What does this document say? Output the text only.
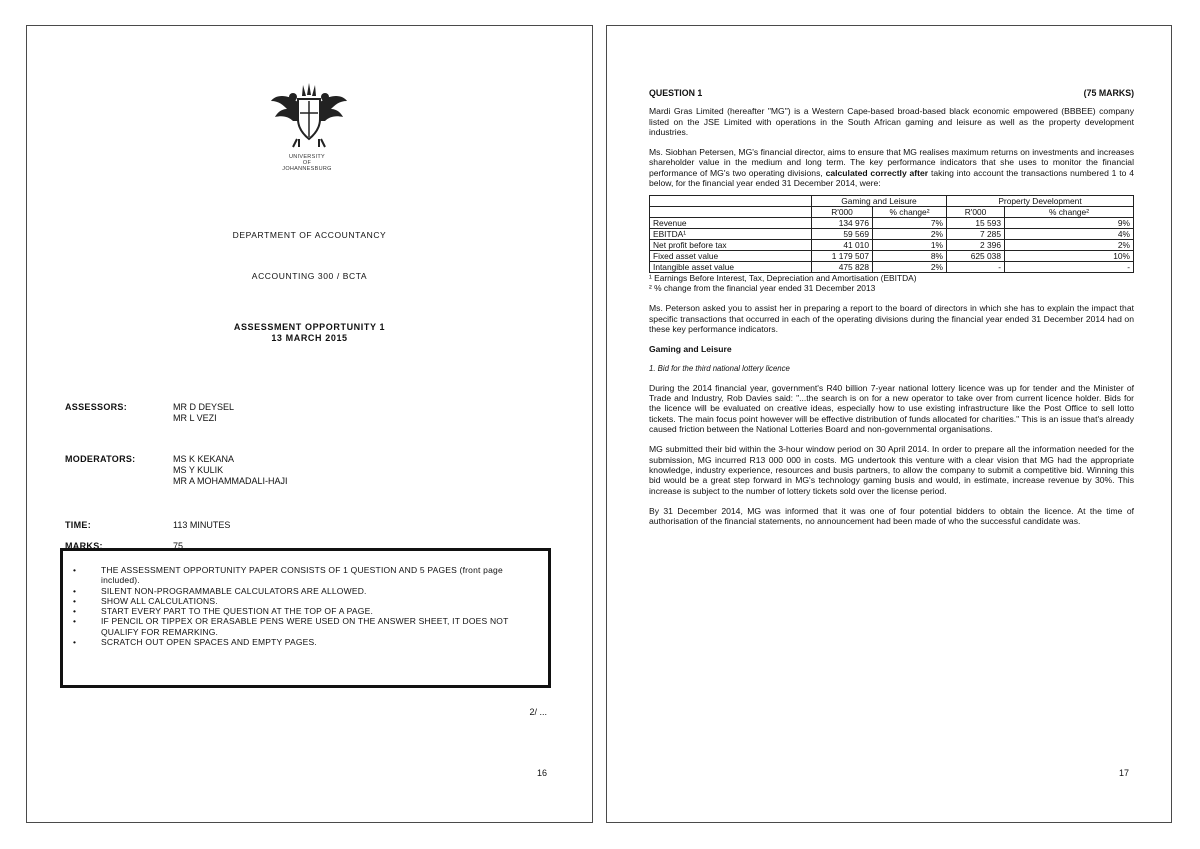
UNIVERSITY
OF
JOHANNESBURG
DEPARTMENT OF ACCOUNTANCY
ACCOUNTING 300 / BCTA
ASSESSMENT OPPORTUNITY 1
13 MARCH 2015
ASSESSORS:	MR D DEYSEL
MR L VEZI
MODERATORS:	MS K KEKANA
MS Y KULIK
MR A MOHAMMADALI-HAJI
TIME:	113 MINUTES
MARKS:	75
•	THE ASSESSMENT OPPORTUNITY PAPER CONSISTS OF 1 QUESTION AND 5 PAGES (front page included).
•	SILENT NON-PROGRAMMABLE CALCULATORS ARE ALLOWED.
•	SHOW ALL CALCULATIONS.
•	START EVERY PART TO THE QUESTION AT THE TOP OF A PAGE.
•	IF PENCIL OR TIPPEX OR ERASABLE PENS WERE USED ON THE ANSWER SHEET, IT DOES NOT QUALIFY FOR REMARKING.
•	SCRATCH OUT OPEN SPACES AND EMPTY PAGES.
2/ ...
16
QUESTION 1	(75 MARKS)

Mardi Gras Limited (hereafter "MG") is a Western Cape-based broad-based black economic empowered (BBBEE) company listed on the JSE Limited with operations in the South African gaming and leisure as well as the property development industries.

Ms. Siobhan Petersen, MG's financial director, aims to ensure that MG realises maximum returns on investments and increases shareholder value in the medium and long term. The key performance indicators that she uses to monitor the financial performance of MG's two operating divisions, calculated correctly after taking into account the transactions numbered 1 to 4 below, for the financial year ended 31 December 2014, were:

	Gaming and Leisure		Property Development	
	R'000	% change²	R'000	% change²
Revenue	134 976	7%	15 593	9%
EBITDA¹	59 569	2%	7 285	4%
Net profit before tax	41 010	1%	2 396	2%
Fixed asset value	1 179 507	8%	625 038	10%
Intangible asset value	475 828	2%	-	-
¹ Earnings Before Interest, Tax, Depreciation and Amortisation (EBITDA)
² % change from the financial year ended 31 December 2013

Ms. Peterson asked you to assist her in preparing a report to the board of directors in which she has to explain the impact that specific transactions that occurred in each of the operating divisions during the financial year ended 31 December 2014 had on these key performance indicators.

Gaming and Leisure
1. Bid for the third national lottery licence

During the 2014 financial year, government's R40 billion 7-year national lottery licence was up for tender and the Minister of Trade and Industry, Rob Davies said: "...the search is on for a new operator to take over from current licence holder. Bids for the licence will be evaluated on creative ideas, especially how to use existing infrastructure like the Post Office to sell lotto tickets. The main focus point however will be effective distribution of funds allocated for charities." This is an issue that's already caused friction between the National Lotteries Board and non-governmental organisations.

MG submitted their bid within the 3-hour window period on 30 April 2014. In order to prepare all the information needed for the submission, MG incurred R13 000 000 in costs. MG undertook this venture with a clear vision that MG had the appropriate knowledge, industry experience, resources and busis partners, to allow the company to submit a competitive bid. Winning this bid would be a great step forward in MG's technology gaming busis and would, in estimate, increase revenue by 30%. This increase is subject to the number of lottery tickets sold over the license period.

By 31 December 2014, MG was informed that it was one of four potential bidders to obtain the licence. At the time of authorisation of the financial statements, no announcement had been made of who the successful candidate was.

17
